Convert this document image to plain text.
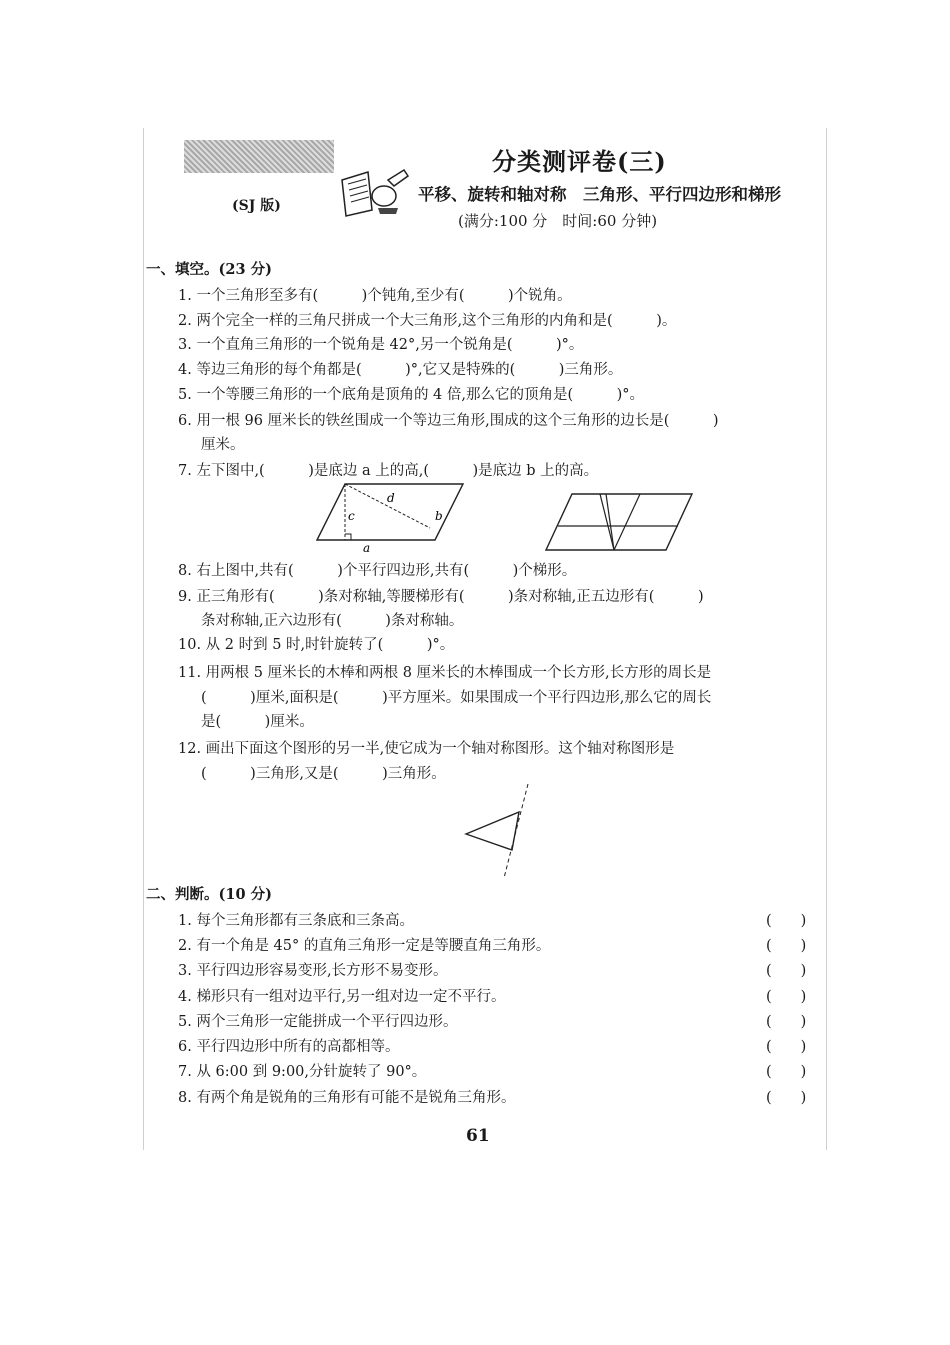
分类测评卷(三)
平移、旋转和轴对称　三角形、平行四边形和梯形
(满分:100 分　时间:60 分钟)
(SJ 版)
一、填空。(23 分)
1. 一个三角形至多有(　　　)个钝角,至少有(　　　)个锐角。
2. 两个完全一样的三角尺拼成一个大三角形,这个三角形的内角和是(　　　)。
3. 一个直角三角形的一个锐角是 42°,另一个锐角是(　　　)°。
4. 等边三角形的每个角都是(　　　)°,它又是特殊的(　　　)三角形。
5. 一个等腰三角形的一个底角是顶角的 4 倍,那么它的顶角是(　　　)°。
6. 用一根 96 厘米长的铁丝围成一个等边三角形,围成的这个三角形的边长是(　　　)
厘米。
7. 左下图中,(　　　)是底边 a 上的高,(　　　)是底边 b 上的高。
c
d
b
a
8. 右上图中,共有(　　　)个平行四边形,共有(　　　)个梯形。
9. 正三角形有(　　　)条对称轴,等腰梯形有(　　　)条对称轴,正五边形有(　　　)
条对称轴,正六边形有(　　　)条对称轴。
10. 从 2 时到 5 时,时针旋转了(　　　)°。
11. 用两根 5 厘米长的木棒和两根 8 厘米长的木棒围成一个长方形,长方形的周长是
(　　　)厘米,面积是(　　　)平方厘米。如果围成一个平行四边形,那么它的周长
是(　　　)厘米。
12. 画出下面这个图形的另一半,使它成为一个轴对称图形。这个轴对称图形是
(　　　)三角形,又是(　　　)三角形。
二、判断。(10 分)
1. 每个三角形都有三条底和三条高。	(　　)
2. 有一个角是 45° 的直角三角形一定是等腰直角三角形。	(　　)
3. 平行四边形容易变形,长方形不易变形。	(　　)
4. 梯形只有一组对边平行,另一组对边一定不平行。	(　　)
5. 两个三角形一定能拼成一个平行四边形。	(　　)
6. 平行四边形中所有的高都相等。	(　　)
7. 从 6:00 到 9:00,分针旋转了 90°。	(　　)
8. 有两个角是锐角的三角形有可能不是锐角三角形。	(　　)
61
